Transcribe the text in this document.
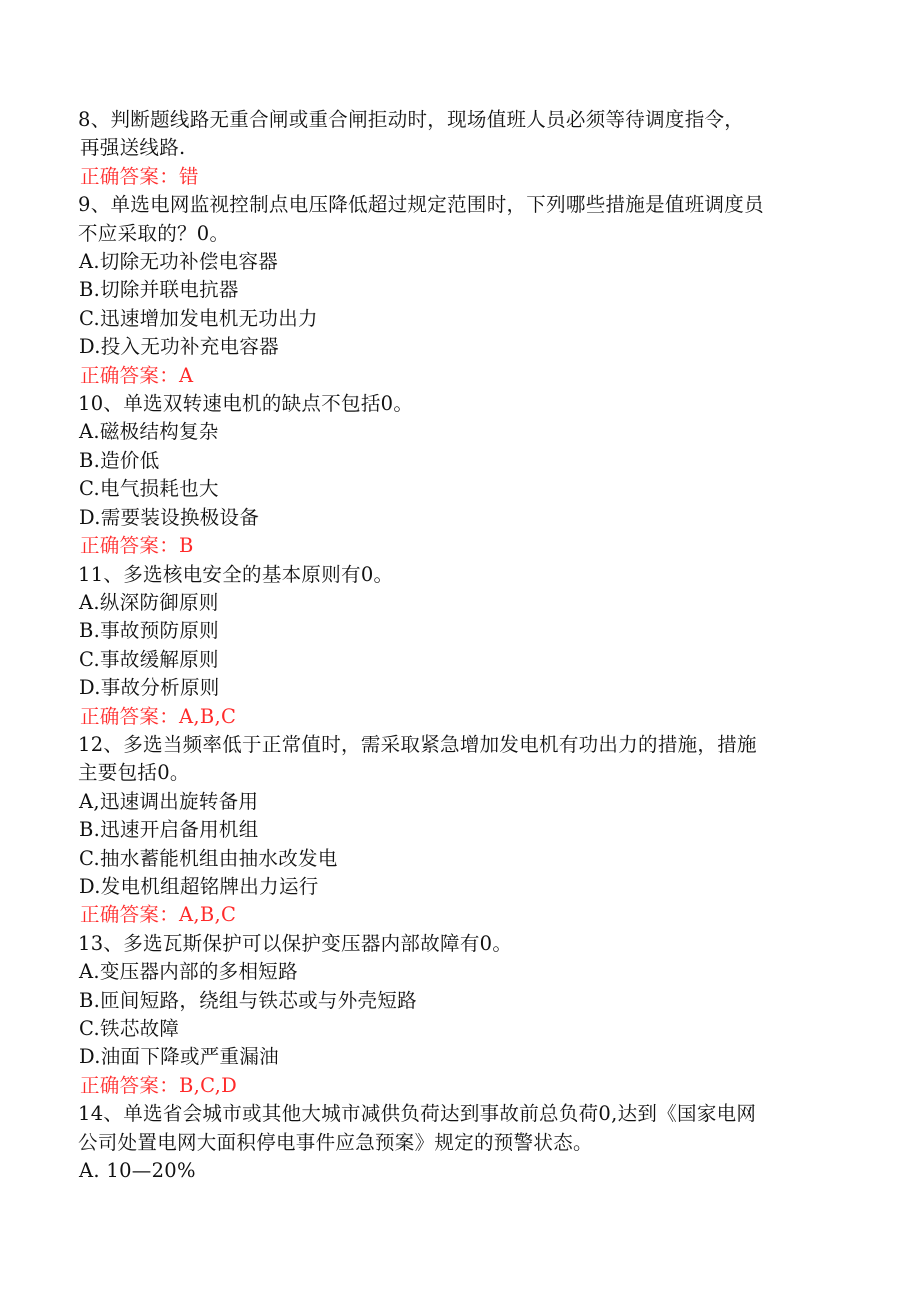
8、判断题线路无重合闸或重合闸拒动时，现场值班人员必须等待调度指令，
再强送线路.
正确答案：错
9、单选电网监视控制点电压降低超过规定范围时，下列哪些措施是值班调度员
不应采取的？0。
A.切除无功补偿电容器
B.切除并联电抗器
C.迅速增加发电机无功出力
D.投入无功补充电容器
正确答案：A
10、单选双转速电机的缺点不包括0。
A.磁极结构复杂
B.造价低
C.电气损耗也大
D.需要装设换极设备
正确答案：B
11、多选核电安全的基本原则有0。
A.纵深防御原则
B.事故预防原则
C.事故缓解原则
D.事故分析原则
正确答案：A,B,C
12、多选当频率低于正常值时，需采取紧急增加发电机有功出力的措施，措施
主要包括0。
A,迅速调出旋转备用
B.迅速开启备用机组
C.抽水蓄能机组由抽水改发电
D.发电机组超铭牌出力运行
正确答案：A,B,C
13、多选瓦斯保护可以保护变压器内部故障有0。
A.变压器内部的多相短路
B.匝间短路，绕组与铁芯或与外壳短路
C.铁芯故障
D.油面下降或严重漏油
正确答案：B,C,D
14、单选省会城市或其他大城市减供负荷达到事故前总负荷0,达到《国家电网
公司处置电网大面积停电事件应急预案》规定的预警状态。
A. 10—20%
